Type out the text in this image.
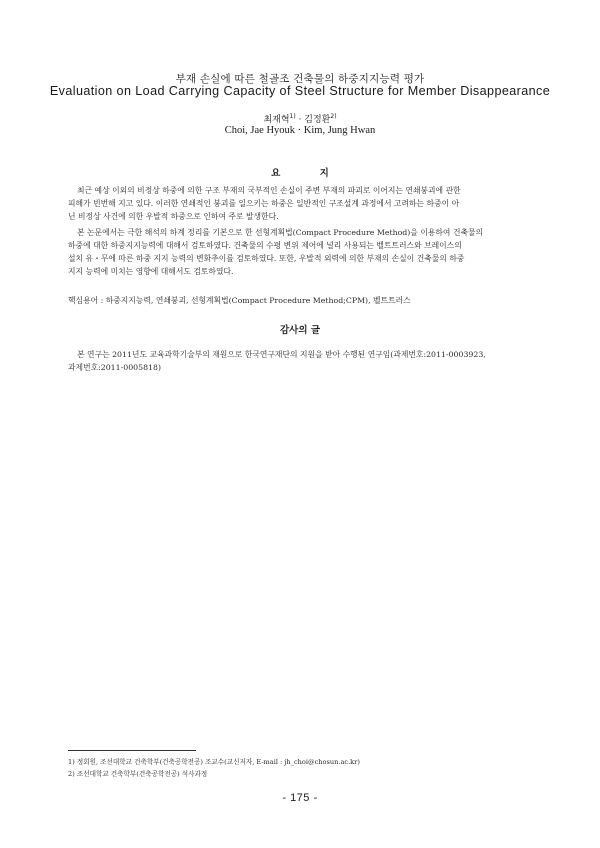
부재 손실에 따른 철골조 건축물의 하중지지능력 평가
Evaluation on Load Carrying Capacity of Steel Structure for Member Disappearance
최재혁$^{1)}$ · 김정환$^{2)}$
Choi, Jae Hyouk · Kim, Jung Hwan
요 지
최근 예상 이외의 비정상 하중에 의한 구조 부재의 국부적인 손실이 주변 부재의 파괴로 이어지는 연쇄붕괴에 관한
피해가 빈번해 지고 있다. 이러한 연쇄적인 붕괴를 일으키는 하중은 일반적인 구조설계 과정에서 고려하는 하중이 아
닌 비정상 사건에 의한 우발적 하중으로 인하여 주로 발생한다.
본 논문에서는 극한 해석의 하계 정리를 기본으로 한 선형계획법(Compact Procedure Method)을 이용하여 건축물의
하중에 대한 하중지지능력에 대해서 검토하였다. 건축물의 수평 변위 제어에 널리 사용되는 벨트트러스와 브레이스의
설치 유・무에 따른 하중 지지 능력의 변화추이를 검토하였다. 또한, 우발적 외력에 의한 부재의 손실이 건축물의 하중
지지 능력에 미치는 영향에 대해서도 검토하였다.
핵심용어 : 하중지지능력, 연쇄붕괴, 선형계획법(Compact Procedure Method;CPM), 벨트트러스
감사의 글
본 연구는 2011년도 교육과학기술부의 재원으로 한국연구재단의 지원을 받아 수행된 연구임(과제번호:2011-0003923,
과제번호:2011-0005818)
1) 정회원, 조선대학교 건축학부(건축공학전공) 조교수(교신저자, E-mail : jh_choi@chosun.ac.kr)
2) 조선대학교 건축학부(건축공학전공) 석사과정
- 175 -
